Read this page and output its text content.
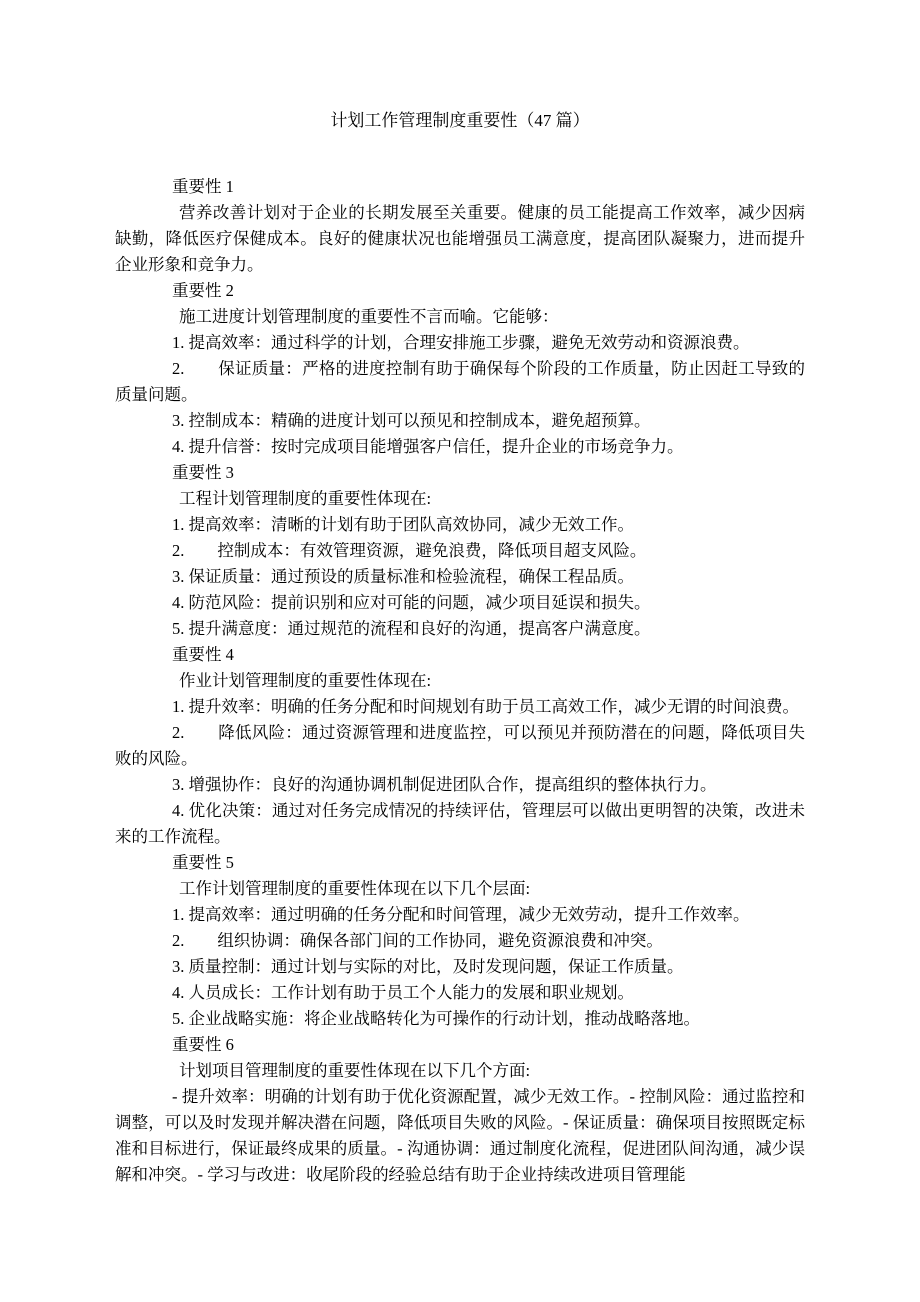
计划工作管理制度重要性（47 篇）

重要性 1

营养改善计划对于企业的长期发展至关重要。健康的员工能提高工作效率，减少因病缺勤，降低医疗保健成本。良好的健康状况也能增强员工满意度，提高团队凝聚力，进而提升企业形象和竞争力。

重要性 2

施工进度计划管理制度的重要性不言而喻。它能够：

1. 提高效率：通过科学的计划，合理安排施工步骤，避免无效劳动和资源浪费。

2.　　保证质量：严格的进度控制有助于确保每个阶段的工作质量，防止因赶工导致的质量问题。

3. 控制成本：精确的进度计划可以预见和控制成本，避免超预算。

4. 提升信誉：按时完成项目能增强客户信任，提升企业的市场竞争力。

重要性 3

工程计划管理制度的重要性体现在:

1. 提高效率：清晰的计划有助于团队高效协同，减少无效工作。

2.　　控制成本：有效管理资源，避免浪费，降低项目超支风险。

3. 保证质量：通过预设的质量标准和检验流程，确保工程品质。

4. 防范风险：提前识别和应对可能的问题，减少项目延误和损失。

5. 提升满意度：通过规范的流程和良好的沟通，提高客户满意度。

重要性 4

作业计划管理制度的重要性体现在:

1. 提升效率：明确的任务分配和时间规划有助于员工高效工作，减少无谓的时间浪费。

2.　　降低风险：通过资源管理和进度监控，可以预见并预防潜在的问题，降低项目失败的风险。

3. 增强协作：良好的沟通协调机制促进团队合作，提高组织的整体执行力。

4. 优化决策：通过对任务完成情况的持续评估，管理层可以做出更明智的决策，改进未来的工作流程。

重要性 5

工作计划管理制度的重要性体现在以下几个层面:

1. 提高效率：通过明确的任务分配和时间管理，减少无效劳动，提升工作效率。

2.　　组织协调：确保各部门间的工作协同，避免资源浪费和冲突。

3. 质量控制：通过计划与实际的对比，及时发现问题，保证工作质量。

4. 人员成长：工作计划有助于员工个人能力的发展和职业规划。

5. 企业战略实施：将企业战略转化为可操作的行动计划，推动战略落地。

重要性 6

计划项目管理制度的重要性体现在以下几个方面:

- 提升效率：明确的计划有助于优化资源配置，减少无效工作。- 控制风险：通过监控和调整，可以及时发现并解决潜在问题，降低项目失败的风险。- 保证质量：确保项目按照既定标准和目标进行，保证最终成果的质量。- 沟通协调：通过制度化流程，促进团队间沟通，减少误解和冲突。- 学习与改进：收尾阶段的经验总结有助于企业持续改进项目管理能
